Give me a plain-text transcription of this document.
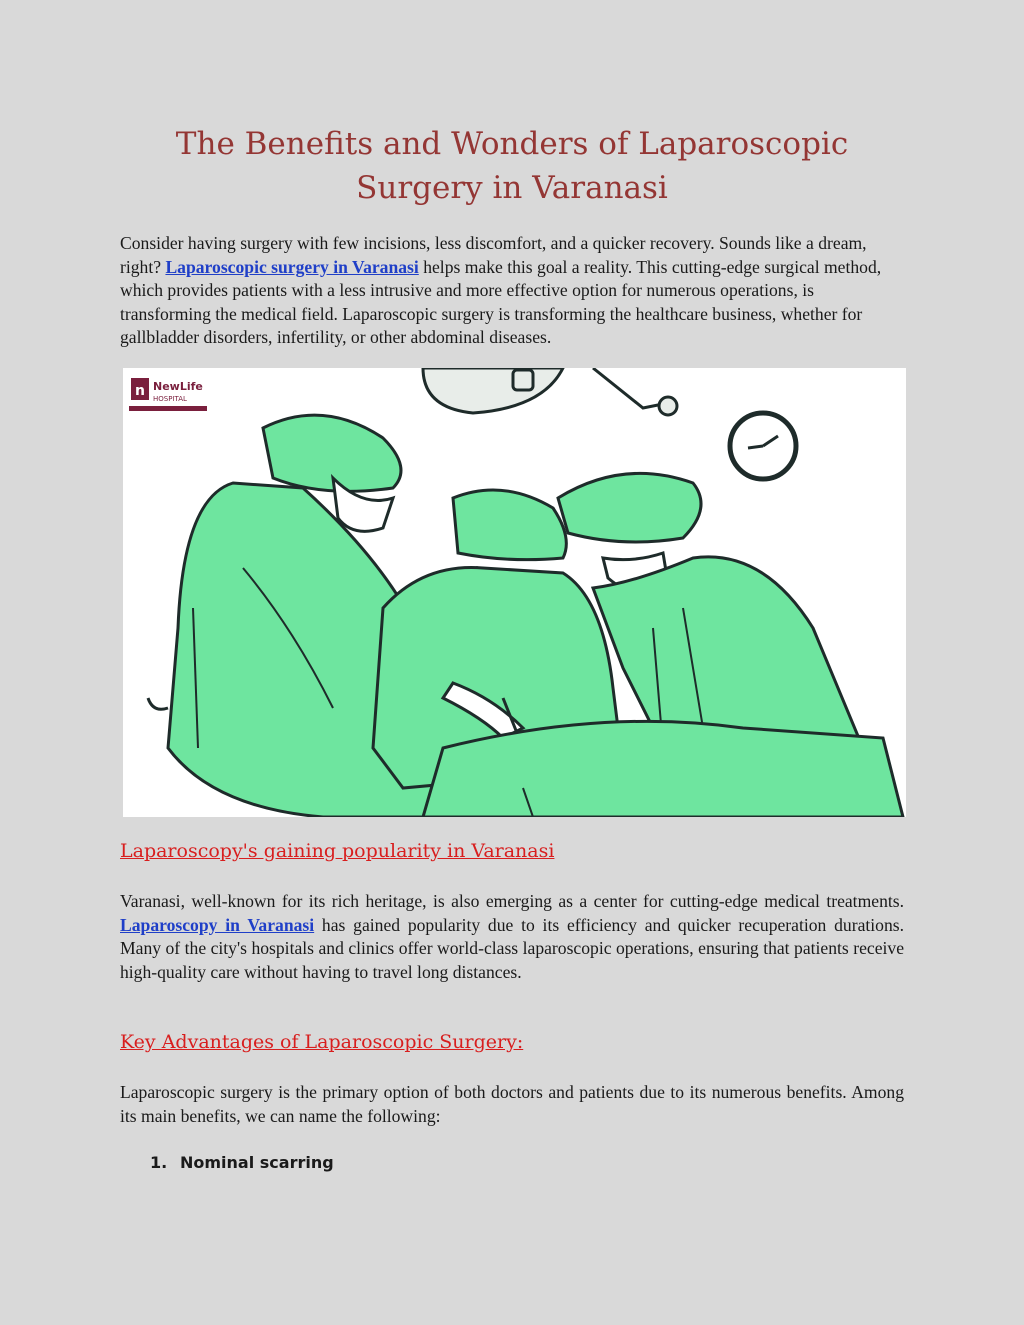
The Benefits and Wonders of Laparoscopic Surgery in Varanasi

Consider having surgery with few incisions, less discomfort, and a quicker recovery. Sounds like a dream, right? Laparoscopic surgery in Varanasi helps make this goal a reality. This cutting-edge surgical method, which provides patients with a less intrusive and more effective option for numerous operations, is transforming the medical field. Laparoscopic surgery is transforming the healthcare business, whether for gallbladder disorders, infertility, or other abdominal diseases.

n NewLife
HOSPITAL
Laparoscopy's gaining popularity in Varanasi

Varanasi, well-known for its rich heritage, is also emerging as a center for cutting-edge medical treatments. Laparoscopy in Varanasi has gained popularity due to its efficiency and quicker recuperation durations. Many of the city's hospitals and clinics offer world-class laparoscopic operations, ensuring that patients receive high-quality care without having to travel long distances.

Key Advantages of Laparoscopic Surgery:

Laparoscopic surgery is the primary option of both doctors and patients due to its numerous benefits. Among its main benefits, we can name the following:

1. Nominal scarring
